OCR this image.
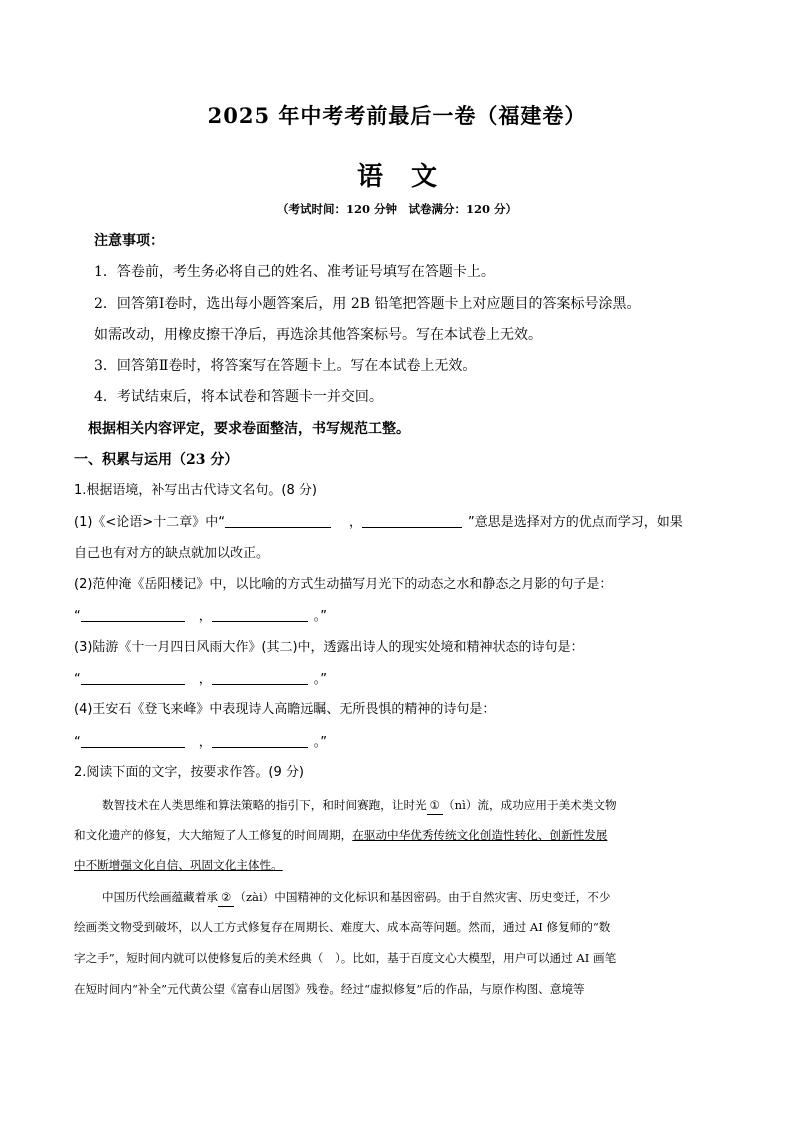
2025 年中考考前最后一卷（福建卷）
语 文
（考试时间：120 分钟　试卷满分：120 分）
注意事项：
1．答卷前，考生务必将自己的姓名、准考证号填写在答题卡上。
2．回答第Ⅰ卷时，选出每小题答案后，用 2B 铅笔把答题卡上对应题目的答案标号涂黑。
如需改动，用橡皮擦干净后，再选涂其他答案标号。写在本试卷上无效。
3．回答第Ⅱ卷时，将答案写在答题卡上。写在本试卷上无效。
4．考试结束后，将本试卷和答题卡一并交回。
根据相关内容评定，要求卷面整洁，书写规范工整。
一、积累与运用（23 分）
1.根据语境，补写出古代诗文名句。(8 分)
(1)《<论语>十二章》中“	，	”意思是选择对方的优点而学习，如果
自己也有对方的缺点就加以改正。
(2)范仲淹《岳阳楼记》中，以比喻的方式生动描写月光下的动态之水和静态之月影的句子是：
“	，	。”
(3)陆游《十一月四日风雨大作》(其二)中，透露出诗人的现实处境和精神状态的诗句是：
“	，	。”
(4)王安石《登飞来峰》中表现诗人高瞻远瞩、无所畏惧的精神的诗句是：
“	，	。”
2.阅读下面的文字，按要求作答。(9 分)
数智技术在人类思维和算法策略的指引下，和时间赛跑，让时光 ① （nì）流，成功应用于美术类文物
和文化遗产的修复，大大缩短了人工修复的时间周期，在驱动中华优秀传统文化创造性转化、创新性发展
中不断增强文化自信、巩固文化主体性。
中国历代绘画蕴藏着承 ② （zài）中国精神的文化标识和基因密码。由于自然灾害、历史变迁，不少
绘画类文物受到破坏，以人工方式修复存在周期长、难度大、成本高等问题。然而，通过 AI 修复师的“数
字之手”，短时间内就可以使修复后的美术经典（　）。比如，基于百度文心大模型，用户可以通过 AI 画笔
在短时间内“补全”元代黄公望《富春山居图》残卷。经过“虚拟修复”后的作品，与原作构图、意境等
